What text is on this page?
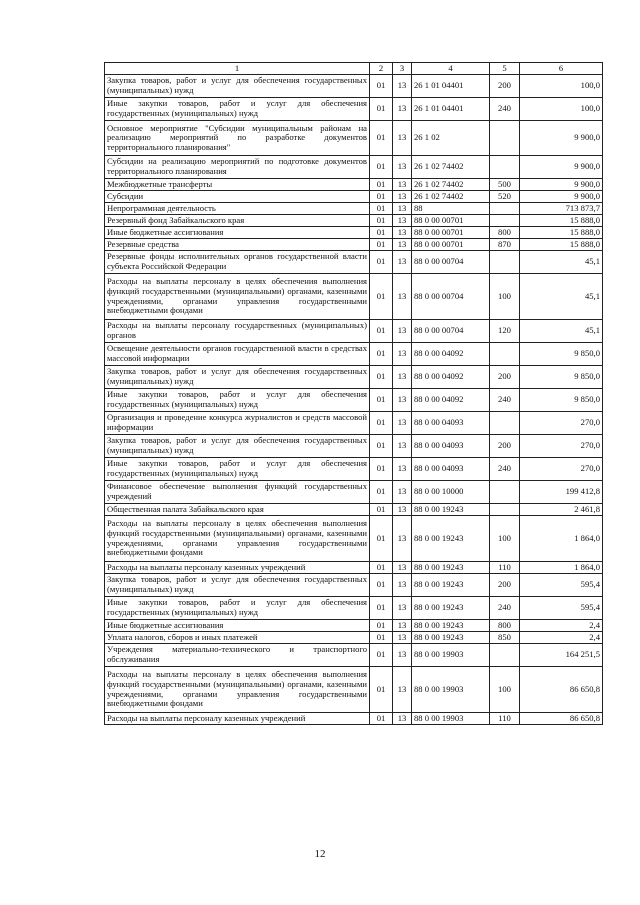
1	2	3	4	5	6
Закупка товаров, работ и услуг для обеспечения государственных (муниципальных) нужд	01	13	26 1 01 04401	200	100,0
Иные закупки товаров, работ и услуг для обеспечения государственных (муниципальных) нужд	01	13	26 1 01 04401	240	100,0
Основное мероприятие "Субсидии муниципальным районам на реализацию мероприятий по разработке документов территориального планирования"	01	13	26 1 02		9 900,0
Субсидии на реализацию мероприятий по подготовке документов территориального планирования	01	13	26 1 02 74402		9 900,0
Межбюджетные трансферты	01	13	26 1 02 74402	500	9 900,0
Субсидии	01	13	26 1 02 74402	520	9 900,0
Непрограммная деятельность	01	13	88		713 873,7
Резервный фонд Забайкальского края	01	13	88 0 00 00701		15 888,0
Иные бюджетные ассигнования	01	13	88 0 00 00701	800	15 888,0
Резервные средства	01	13	88 0 00 00701	870	15 888,0
Резервные фонды исполнительных органов государственной власти субъекта Российской Федерации	01	13	88 0 00 00704		45,1
Расходы на выплаты персоналу в целях обеспечения выполнения функций государственными (муниципальными) органами, казенными учреждениями, органами управления государственными внебюджетными фондами	01	13	88 0 00 00704	100	45,1
Расходы на выплаты персоналу государственных (муниципальных) органов	01	13	88 0 00 00704	120	45,1
Освещение деятельности органов государственной власти в средствах массовой информации	01	13	88 0 00 04092		9 850,0
Закупка товаров, работ и услуг для обеспечения государственных (муниципальных) нужд	01	13	88 0 00 04092	200	9 850,0
Иные закупки товаров, работ и услуг для обеспечения государственных (муниципальных) нужд	01	13	88 0 00 04092	240	9 850,0
Организация и проведение конкурса журналистов и средств массовой информации	01	13	88 0 00 04093		270,0
Закупка товаров, работ и услуг для обеспечения государственных (муниципальных) нужд	01	13	88 0 00 04093	200	270,0
Иные закупки товаров, работ и услуг для обеспечения государственных (муниципальных) нужд	01	13	88 0 00 04093	240	270,0
Финансовое обеспечение выполнения функций государственных учреждений	01	13	88 0 00 10000		199 412,8
Общественная палата Забайкальского края	01	13	88 0 00 19243		2 461,8
Расходы на выплаты персоналу в целях обеспечения выполнения функций государственными (муниципальными) органами, казенными учреждениями, органами управления государственными внебюджетными фондами	01	13	88 0 00 19243	100	1 864,0
Расходы на выплаты персоналу казенных учреждений	01	13	88 0 00 19243	110	1 864,0
Закупка товаров, работ и услуг для обеспечения государственных (муниципальных) нужд	01	13	88 0 00 19243	200	595,4
Иные закупки товаров, работ и услуг для обеспечения государственных (муниципальных) нужд	01	13	88 0 00 19243	240	595,4
Иные бюджетные ассигнования	01	13	88 0 00 19243	800	2,4
Уплата налогов, сборов и иных платежей	01	13	88 0 00 19243	850	2,4
Учреждения материально-технического и транспортного обслуживания	01	13	88 0 00 19903		164 251,5
Расходы на выплаты персоналу в целях обеспечения выполнения функций государственными (муниципальными) органами, казенными учреждениями, органами управления государственными внебюджетными фондами	01	13	88 0 00 19903	100	86 650,8
Расходы на выплаты персоналу казенных учреждений	01	13	88 0 00 19903	110	86 650,8
12
